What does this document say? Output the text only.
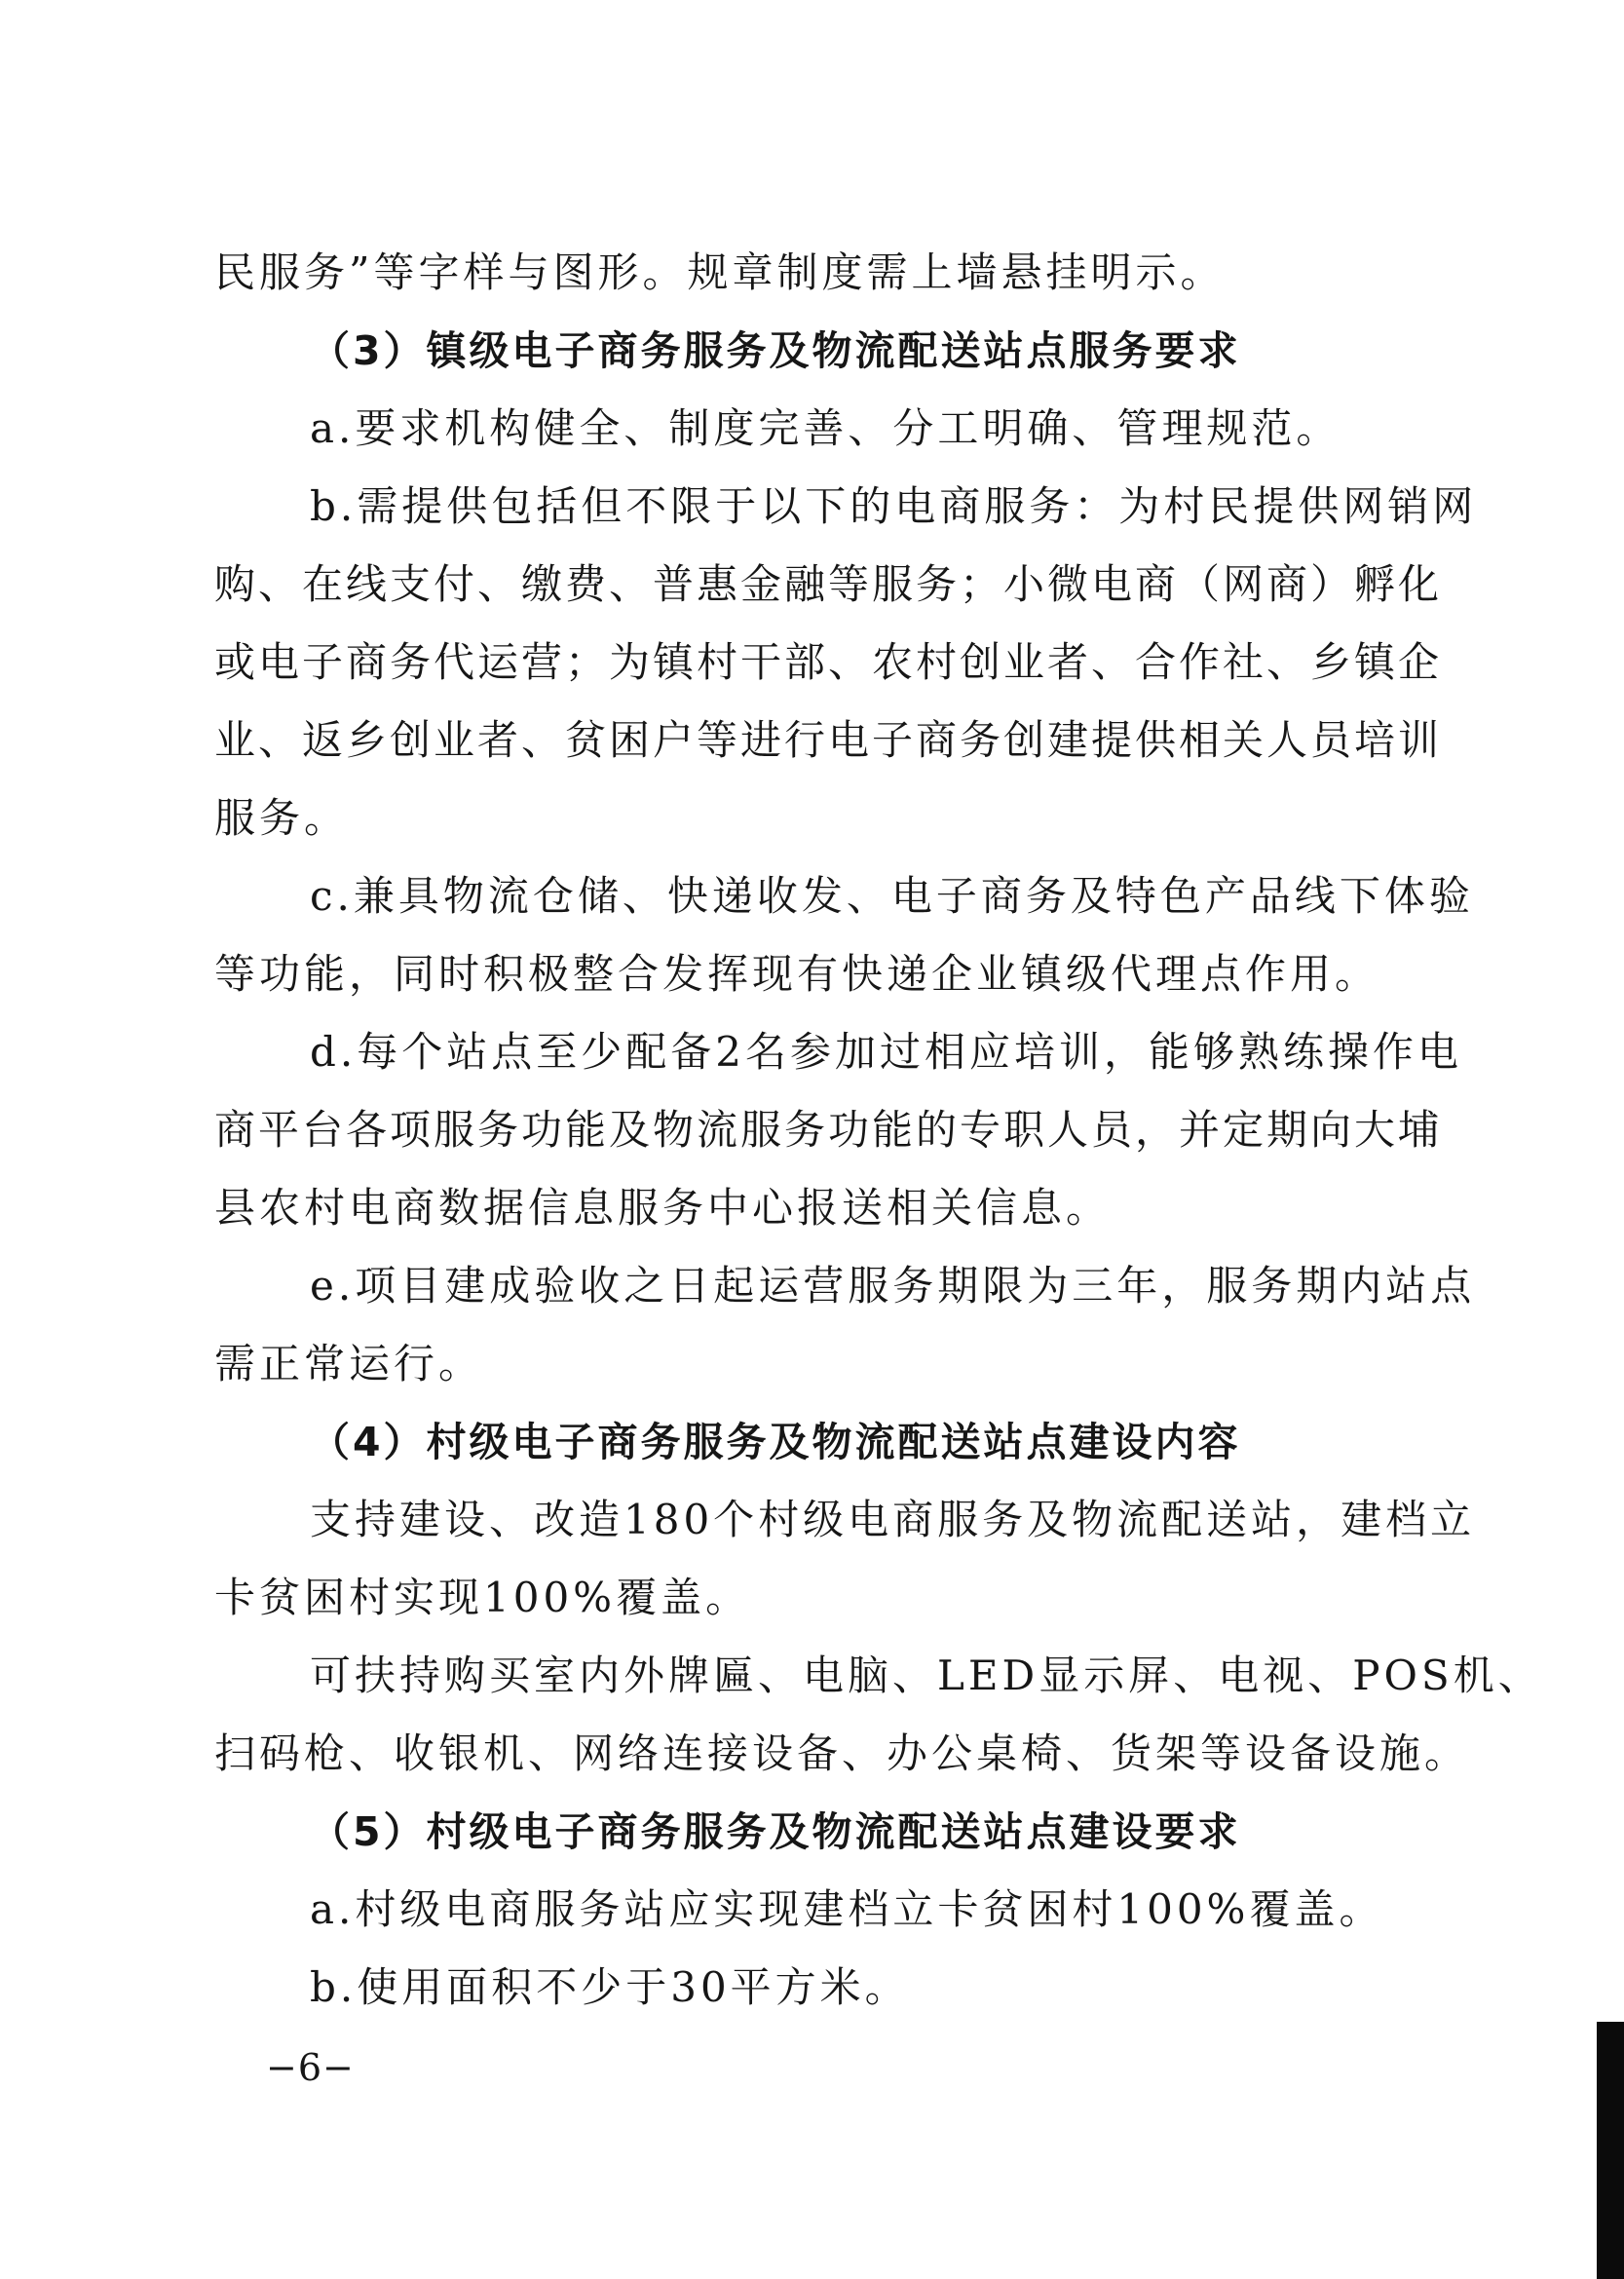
民服务”等字样与图形。规章制度需上墙悬挂明示。
（3）镇级电子商务服务及物流配送站点服务要求
a.要求机构健全、制度完善、分工明确、管理规范。
b.需提供包括但不限于以下的电商服务：为村民提供网销网
购、在线支付、缴费、普惠金融等服务；小微电商（网商）孵化
或电子商务代运营；为镇村干部、农村创业者、合作社、乡镇企
业、返乡创业者、贫困户等进行电子商务创建提供相关人员培训
服务。
c.兼具物流仓储、快递收发、电子商务及特色产品线下体验
等功能，同时积极整合发挥现有快递企业镇级代理点作用。
d.每个站点至少配备2名参加过相应培训，能够熟练操作电
商平台各项服务功能及物流服务功能的专职人员，并定期向大埔
县农村电商数据信息服务中心报送相关信息。
e.项目建成验收之日起运营服务期限为三年，服务期内站点
需正常运行。
（4）村级电子商务服务及物流配送站点建设内容
支持建设、改造180个村级电商服务及物流配送站，建档立
卡贫困村实现100%覆盖。
可扶持购买室内外牌匾、电脑、LED显示屏、电视、POS机、
扫码枪、收银机、网络连接设备、办公桌椅、货架等设备设施。
（5）村级电子商务服务及物流配送站点建设要求
a.村级电商服务站应实现建档立卡贫困村100%覆盖。
b.使用面积不少于30平方米。
−6−
